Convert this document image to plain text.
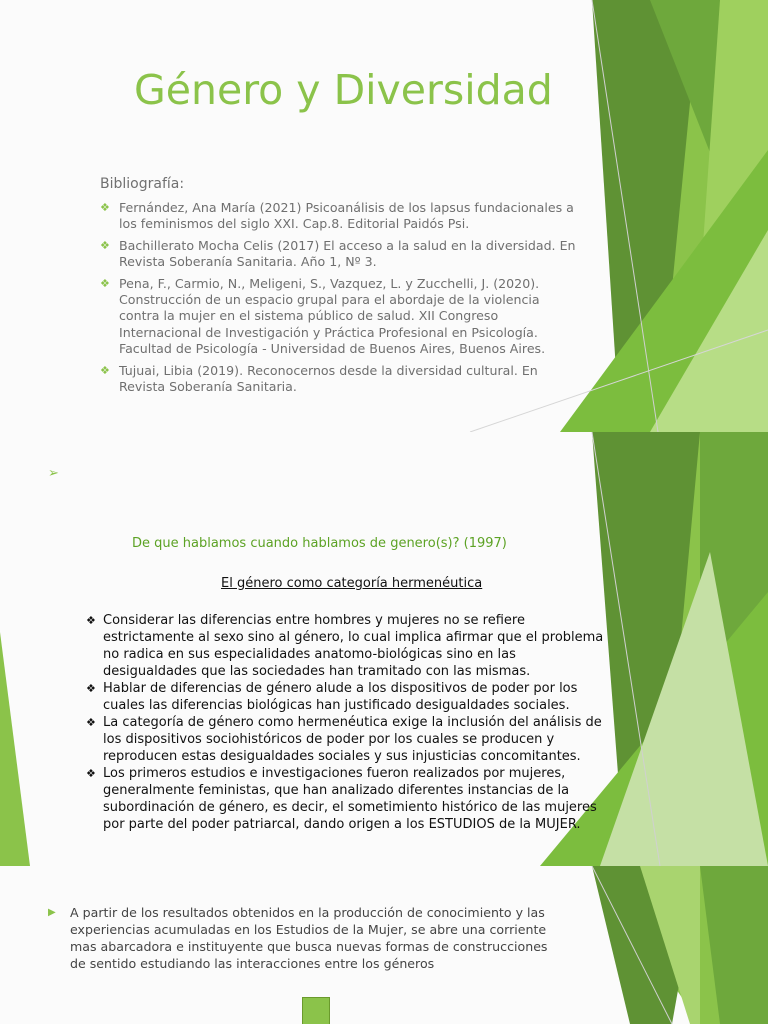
Género y Diversidad
Bibliografía:
❖ Fernández, Ana María (2021) Psicoanálisis de los lapsus fundacionales a los feminismos del siglo XXI. Cap.8. Editorial Paidós Psi.
❖ Bachillerato Mocha Celis (2017) El acceso a la salud en la diversidad. En Revista Soberanía Sanitaria. Año 1, Nº 3.
❖ Pena, F., Carmio, N., Meligeni, S., Vazquez, L. y Zucchelli, J. (2020). Construcción de un espacio grupal para el abordaje de la violencia contra la mujer en el sistema público de salud. XII Congreso Internacional de Investigación y Práctica Profesional en Psicología. Facultad de Psicología - Universidad de Buenos Aires, Buenos Aires.
❖ Tujuai, Libia (2019). Reconocernos desde la diversidad cultural. En Revista Soberanía Sanitaria.
➢
De que hablamos cuando hablamos de genero(s)? (1997)
El género como categoría hermenéutica
❖ Considerar las diferencias entre hombres y mujeres no se refiere estrictamente al sexo sino al género, lo cual implica afirmar que el problema no radica en sus especialidades anatomo-biológicas sino en las desigualdades que las sociedades han tramitado con las mismas.
❖ Hablar de diferencias de género alude a los dispositivos de poder por los cuales las diferencias biológicas han justificado desigualdades sociales.
❖ La categoría de género como hermenéutica exige la inclusión del análisis de los dispositivos sociohistóricos de poder por los cuales se producen y reproducen estas desigualdades sociales y sus injusticias concomitantes.
❖ Los primeros estudios e investigaciones fueron realizados por mujeres, generalmente feministas, que han analizado diferentes instancias de la subordinación de género, es decir, el sometimiento histórico de las mujeres por parte del poder patriarcal, dando origen a los ESTUDIOS de la MUJER.
▶ A partir de los resultados obtenidos en la producción de conocimiento y las experiencias acumuladas en los Estudios de la Mujer, se abre una corriente mas abarcadora e instituyente que busca nuevas formas de construcciones de sentido estudiando las interacciones entre los géneros
